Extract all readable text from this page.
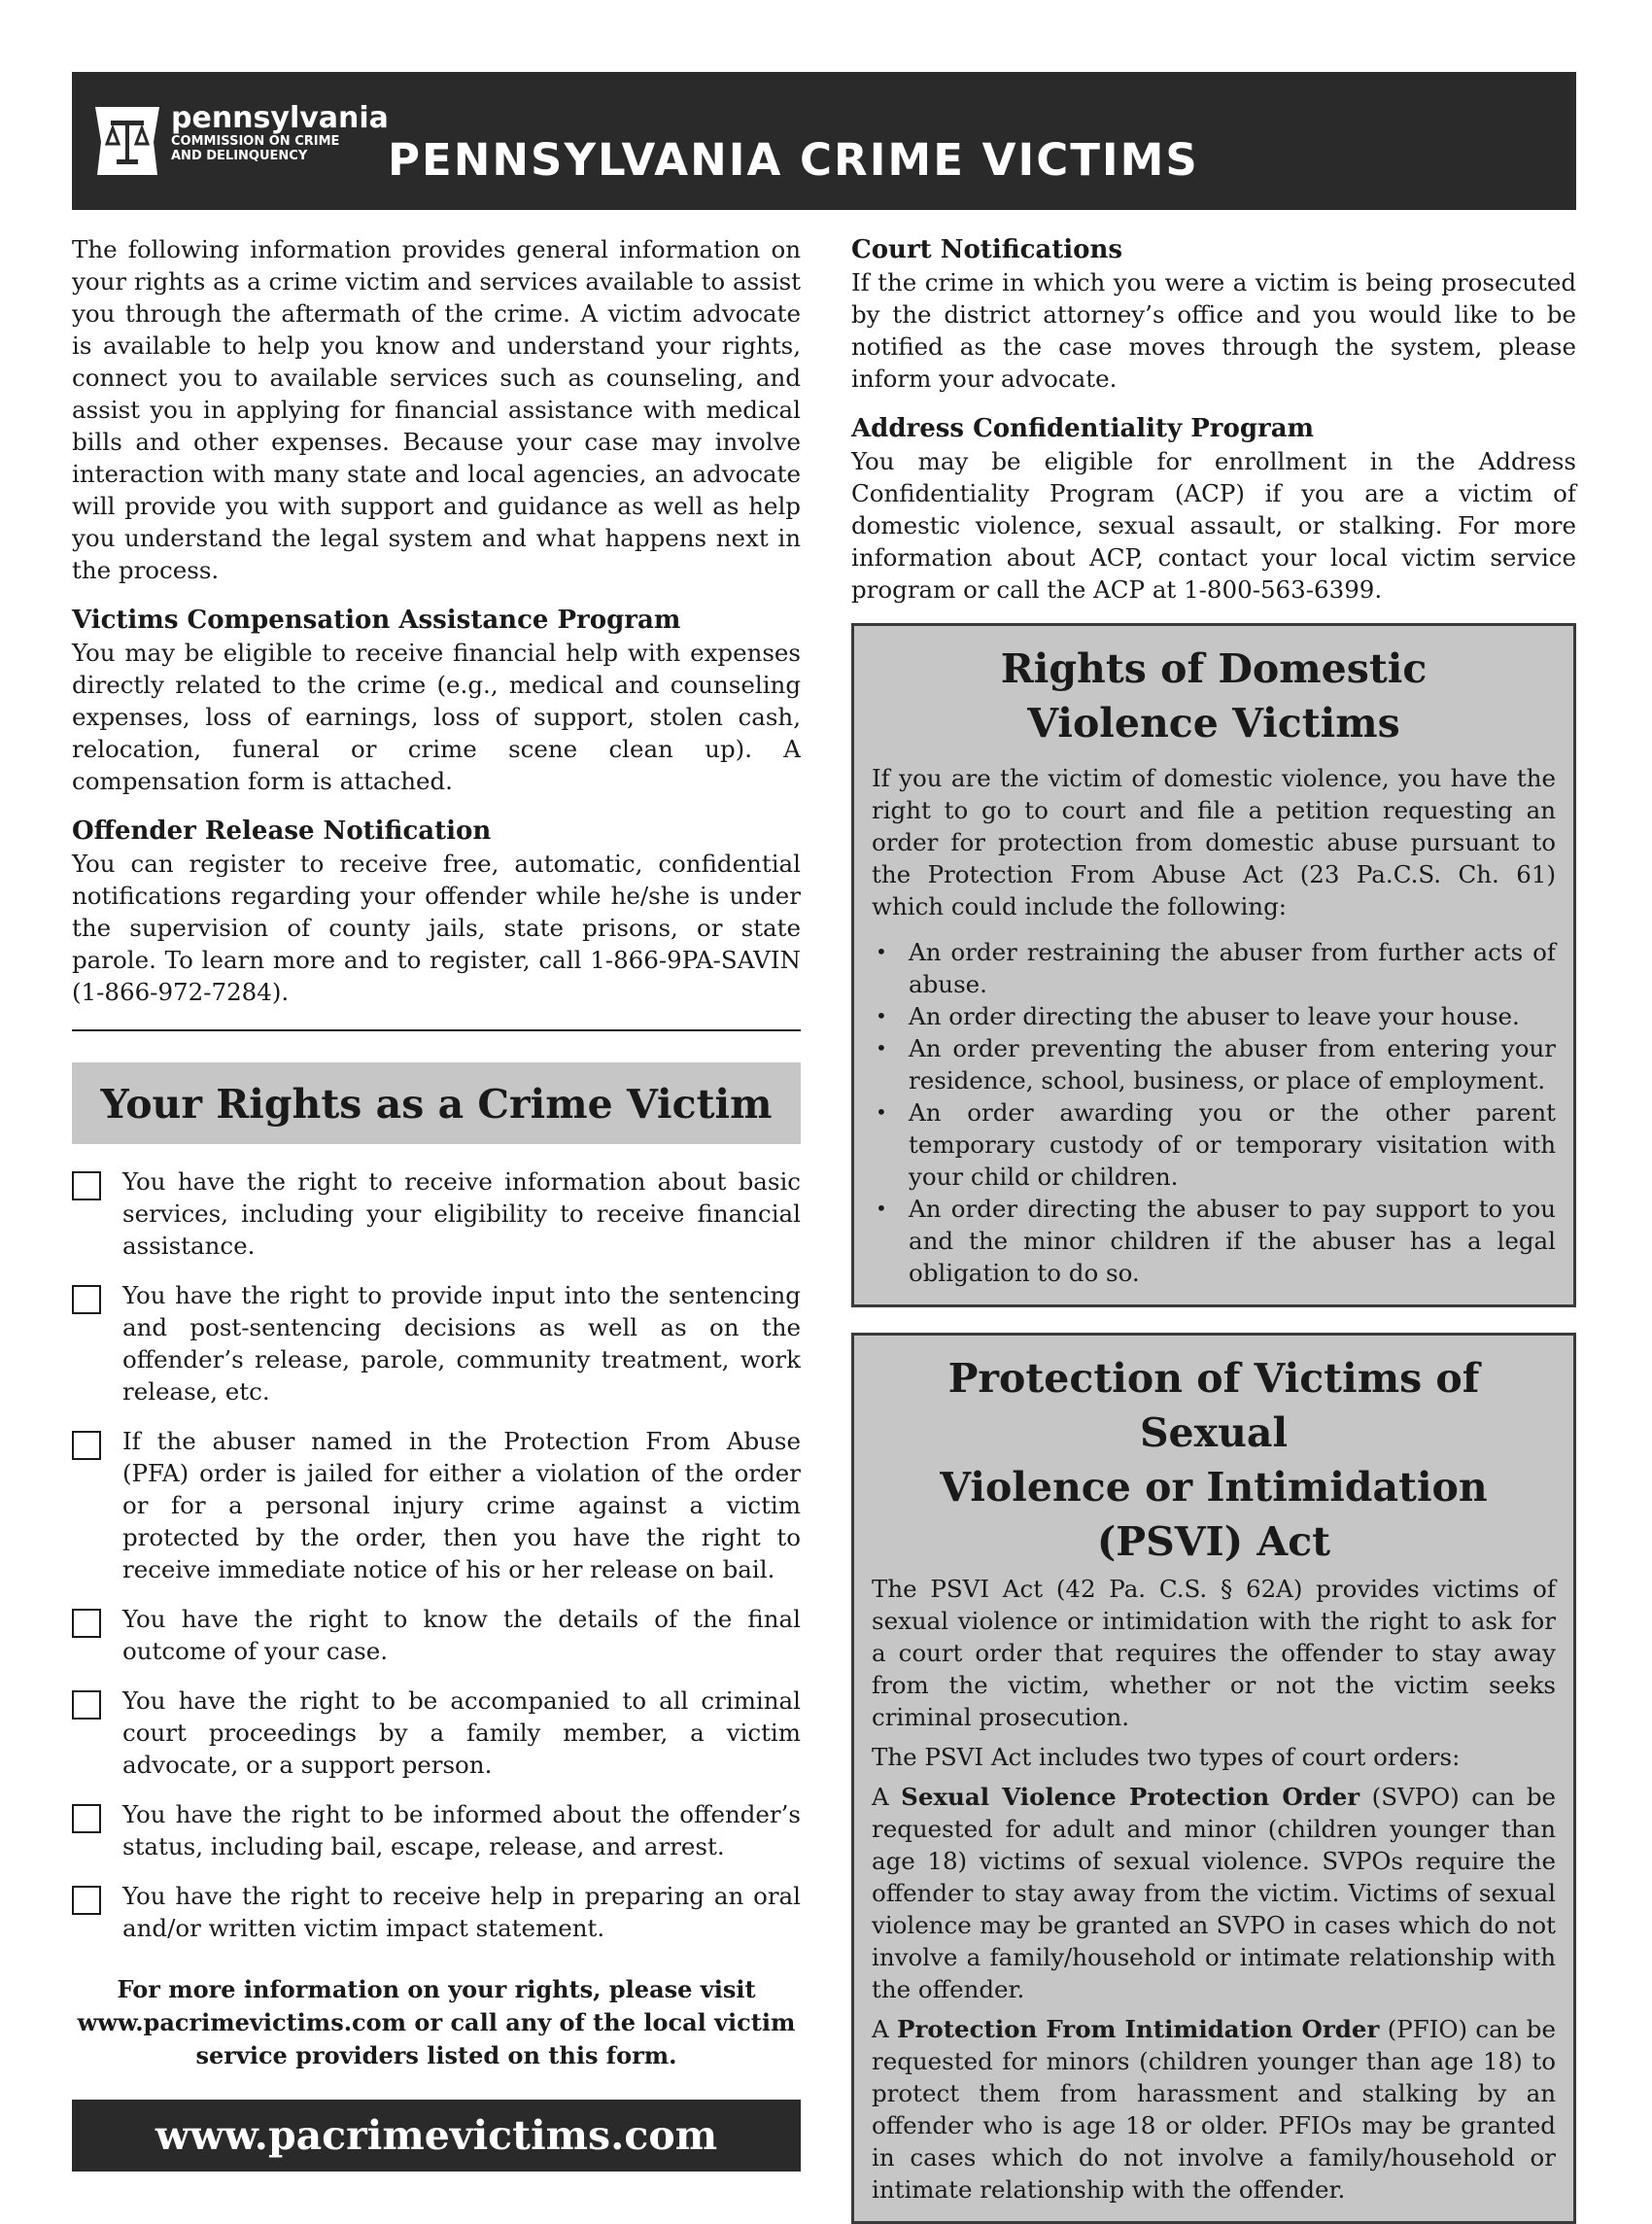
pennsylvania
COMMISSION ON CRIME
AND DELINQUENCY	PENNSYLVANIA CRIME VICTIMS

The following information provides general information on your rights as a crime victim and services available to assist you through the aftermath of the crime. A victim advocate is available to help you know and understand your rights, connect you to available services such as counseling, and assist you in applying for financial assistance with medical bills and other expenses. Because your case may involve interaction with many state and local agencies, an advocate will provide you with support and guidance as well as help you understand the legal system and what happens next in the process.

Victims Compensation Assistance Program

You may be eligible to receive financial help with expenses directly related to the crime (e.g., medical and counseling expenses, loss of earnings, loss of support, stolen cash, relocation, funeral or crime scene clean up). A compensation form is attached.

Offender Release Notification

You can register to receive free, automatic, confidential notifications regarding your offender while he/she is under the supervision of county jails, state prisons, or state parole. To learn more and to register, call 1-866-9PA-SAVIN (1-866-972-7284).

Your Rights as a Crime Victim

You have the right to receive information about basic services, including your eligibility to receive financial assistance.

You have the right to provide input into the sentencing and post-sentencing decisions as well as on the offender’s release, parole, community treatment, work release, etc.

If the abuser named in the Protection From Abuse (PFA) order is jailed for either a violation of the order or for a personal injury crime against a victim protected by the order, then you have the right to receive immediate notice of his or her release on bail.

You have the right to know the details of the final outcome of your case.

You have the right to be accompanied to all criminal court proceedings by a family member, a victim advocate, or a support person.

You have the right to be informed about the offender’s status, including bail, escape, release, and arrest.

You have the right to receive help in preparing an oral and/or written victim impact statement.

For more information on your rights, please visit
www.pacrimevictims.com or call any of the local victim
service providers listed on this form.
www.pacrimevictims.com
Court Notifications

If the crime in which you were a victim is being prosecuted by the district attorney’s office and you would like to be notified as the case moves through the system, please inform your advocate.

Address Confidentiality Program

You may be eligible for enrollment in the Address Confidentiality Program (ACP) if you are a victim of domestic violence, sexual assault, or stalking. For more information about ACP, contact your local victim service program or call the ACP at 1-800-563-6399.

Rights of Domestic
Violence Victims

If you are the victim of domestic violence, you have the right to go to court and file a petition requesting an order for protection from domestic abuse pursuant to the Protection From Abuse Act (23 Pa.C.S. Ch. 61) which could include the following:

• An order restraining the abuser from further acts of abuse.
• An order directing the abuser to leave your house.
• An order preventing the abuser from entering your residence, school, business, or place of employment.
• An order awarding you or the other parent temporary custody of or temporary visitation with your child or children.
• An order directing the abuser to pay support to you and the minor children if the abuser has a legal obligation to do so.
Protection of Victims of Sexual
Violence or Intimidation (PSVI) Act

The PSVI Act (42 Pa. C.S. § 62A) provides victims of sexual violence or intimidation with the right to ask for a court order that requires the offender to stay away from the victim, whether or not the victim seeks criminal prosecution.

The PSVI Act includes two types of court orders:

A Sexual Violence Protection Order (SVPO) can be requested for adult and minor (children younger than age 18) victims of sexual violence. SVPOs require the offender to stay away from the victim. Victims of sexual violence may be granted an SVPO in cases which do not involve a family/household or intimate relationship with the offender.

A Protection From Intimidation Order (PFIO) can be requested for minors (children younger than age 18) to protect them from harassment and stalking by an offender who is age 18 or older. PFIOs may be granted in cases which do not involve a family/household or intimate relationship with the offender.
